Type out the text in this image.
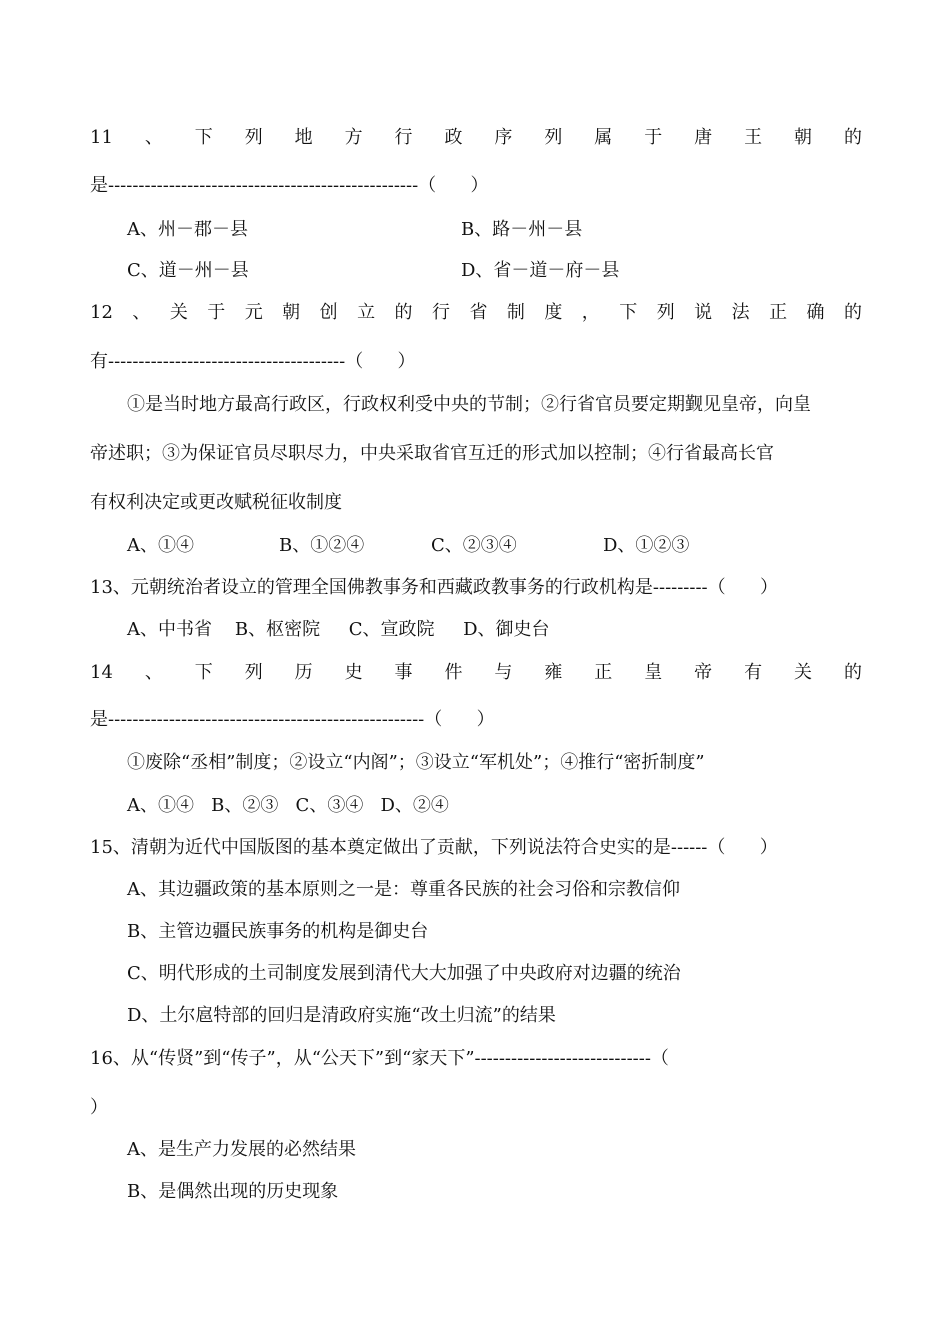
11 、 下 列 地 方 行 政 序 列 属 于 唐 王 朝 的
是---------------------------------------------------（      ）
A、州－郡－县	B、路－州－县
C、道－州－县	D、省－道－府－县
12 、 关 于 元 朝 创 立 的 行 省 制 度 ， 下 列 说 法 正 确 的
有---------------------------------------（      ）
①是当时地方最高行政区，行政权利受中央的节制；②行省官员要定期觐见皇帝，向皇
帝述职；③为保证官员尽职尽力，中央采取省官互迁的形式加以控制；④行省最高长官
有权利决定或更改赋税征收制度
A、①④	B、①②④	C、②③④	D、①②③
13、元朝统治者设立的管理全国佛教事务和西藏政教事务的行政机构是---------（      ）
A、中书省    B、枢密院     C、宣政院     D、御史台
14 、 下 列 历 史 事 件 与 雍 正 皇 帝 有 关 的
是----------------------------------------------------（      ）
①废除“丞相”制度；②设立“内阁”；③设立“军机处”；④推行“密折制度”
A、①④   B、②③   C、③④   D、②④
15、清朝为近代中国版图的基本奠定做出了贡献，下列说法符合史实的是------（      ）
A、其边疆政策的基本原则之一是：尊重各民族的社会习俗和宗教信仰
B、主管边疆民族事务的机构是御史台
C、明代形成的土司制度发展到清代大大加强了中央政府对边疆的统治
D、土尔扈特部的回归是清政府实施“改土归流”的结果
16、从“传贤”到“传子”，从“公天下”到“家天下”-----------------------------（
）
A、是生产力发展的必然结果
B、是偶然出现的历史现象
